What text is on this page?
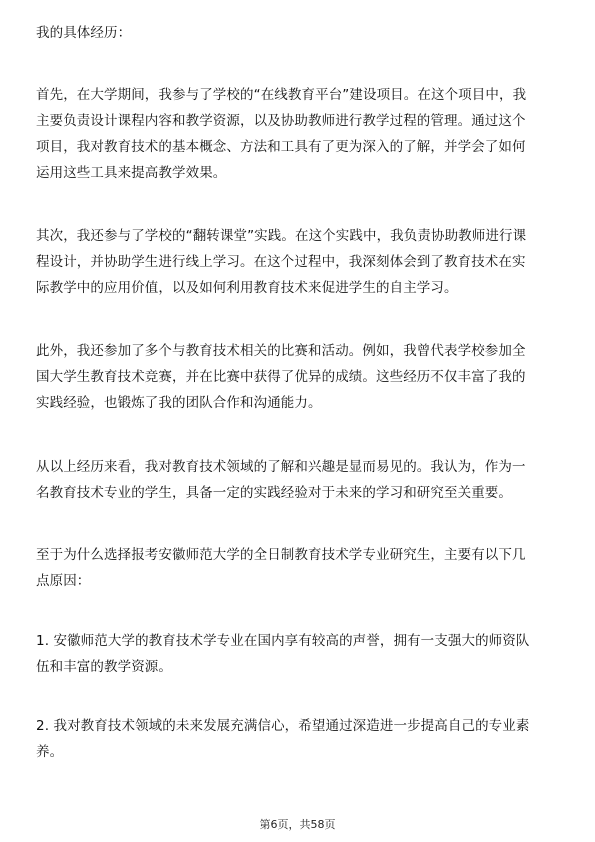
我的具体经历：

首先，在大学期间，我参与了学校的“在线教育平台”建设项目。在这个项目中，我
主要负责设计课程内容和教学资源，以及协助教师进行教学过程的管理。通过这个
项目，我对教育技术的基本概念、方法和工具有了更为深入的了解，并学会了如何
运用这些工具来提高教学效果。

其次，我还参与了学校的“翻转课堂”实践。在这个实践中，我负责协助教师进行课
程设计，并协助学生进行线上学习。在这个过程中，我深刻体会到了教育技术在实
际教学中的应用价值，以及如何利用教育技术来促进学生的自主学习。

此外，我还参加了多个与教育技术相关的比赛和活动。例如，我曾代表学校参加全
国大学生教育技术竞赛，并在比赛中获得了优异的成绩。这些经历不仅丰富了我的
实践经验，也锻炼了我的团队合作和沟通能力。

从以上经历来看，我对教育技术领域的了解和兴趣是显而易见的。我认为，作为一
名教育技术专业的学生，具备一定的实践经验对于未来的学习和研究至关重要。

至于为什么选择报考安徽师范大学的全日制教育技术学专业研究生，主要有以下几
点原因：

1. 安徽师范大学的教育技术学专业在国内享有较高的声誉，拥有一支强大的师资队
伍和丰富的教学资源。

2. 我对教育技术领域的未来发展充满信心，希望通过深造进一步提高自己的专业素
养。

第6页，共58页
